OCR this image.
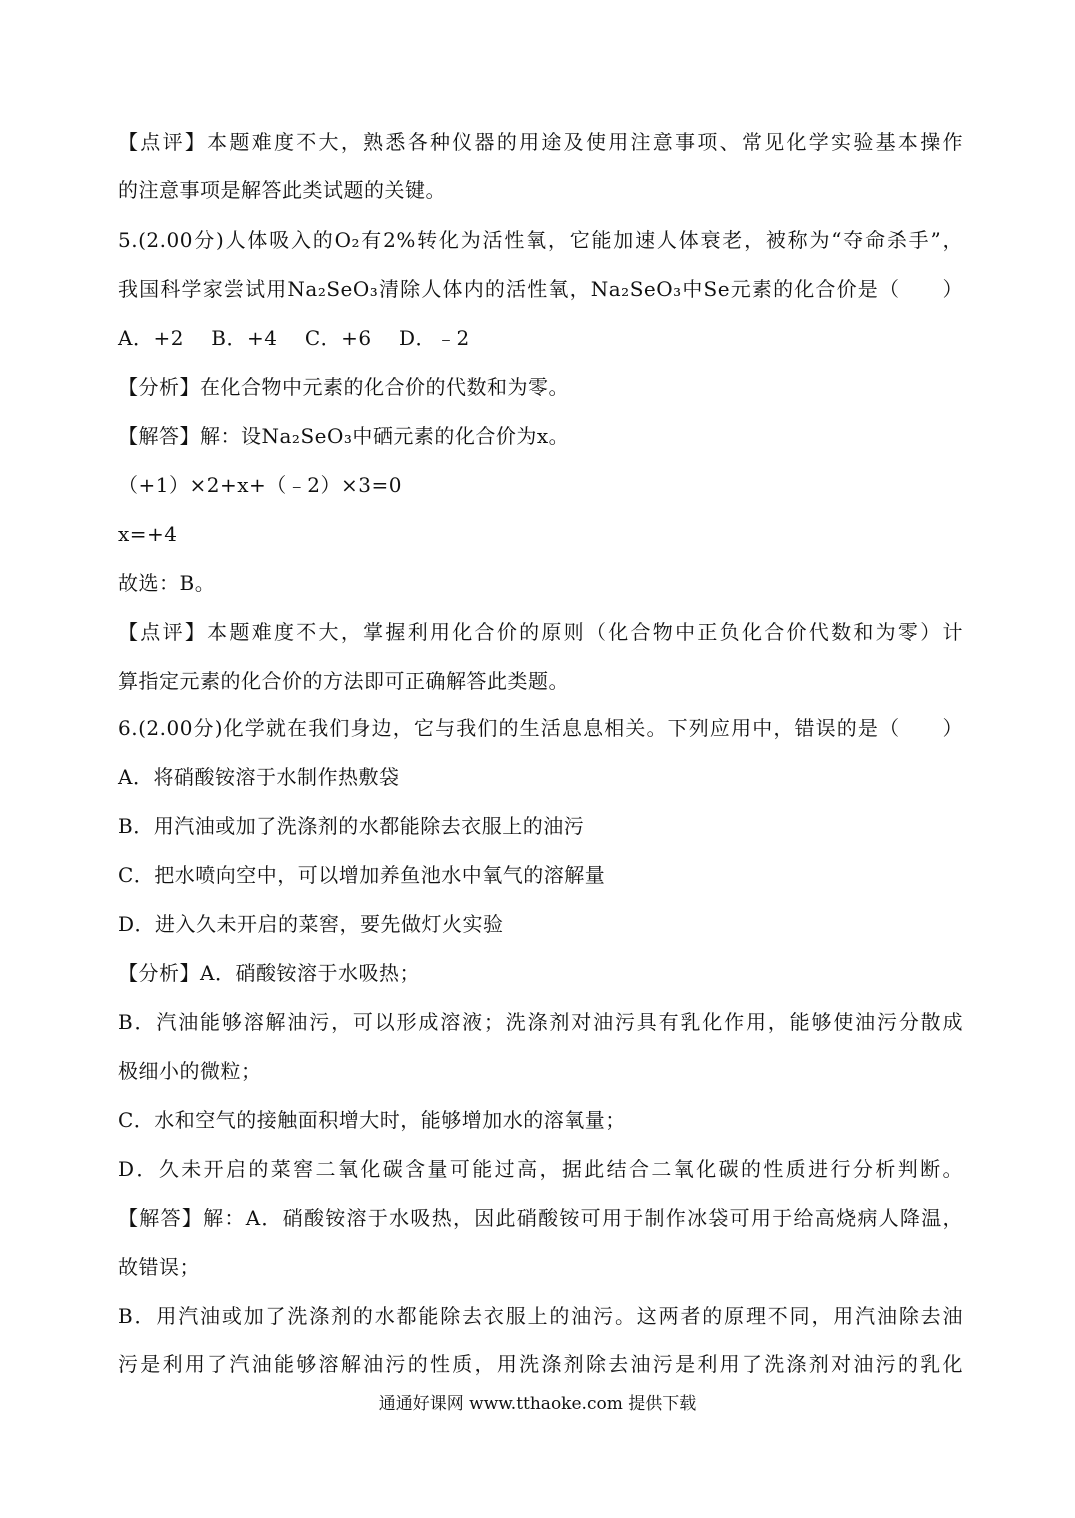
【点评】本题难度不大，熟悉各种仪器的用途及使用注意事项、常见化学实验基本操作
的注意事项是解答此类试题的关键。
5.(2.00分)人体吸入的O₂有2%转化为活性氧，它能加速人体衰老，被称为“夺命杀手”，
我国科学家尝试用Na₂SeO₃清除人体内的活性氧，Na₂SeO₃中Se元素的化合价是（　　）
A．+2　 B．+4　 C．+6　 D．﹣2
【分析】在化合物中元素的化合价的代数和为零。
【解答】解：设Na₂SeO₃中硒元素的化合价为x。
（+1）×2+x+（﹣2）×3=0
x=+4
故选：B。
【点评】本题难度不大，掌握利用化合价的原则（化合物中正负化合价代数和为零）计
算指定元素的化合价的方法即可正确解答此类题。
6.(2.00分)化学就在我们身边，它与我们的生活息息相关。下列应用中，错误的是（　　）
A．将硝酸铵溶于水制作热敷袋
B．用汽油或加了洗涤剂的水都能除去衣服上的油污
C．把水喷向空中，可以增加养鱼池水中氧气的溶解量
D．进入久未开启的菜窖，要先做灯火实验
【分析】A．硝酸铵溶于水吸热；
B．汽油能够溶解油污，可以形成溶液；洗涤剂对油污具有乳化作用，能够使油污分散成
极细小的微粒；
C．水和空气的接触面积增大时，能够增加水的溶氧量；
D．久未开启的菜窖二氧化碳含量可能过高，据此结合二氧化碳的性质进行分析判断。
【解答】解：A．硝酸铵溶于水吸热，因此硝酸铵可用于制作冰袋可用于给高烧病人降温，
故错误；
B．用汽油或加了洗涤剂的水都能除去衣服上的油污。这两者的原理不同，用汽油除去油
污是利用了汽油能够溶解油污的性质，用洗涤剂除去油污是利用了洗涤剂对油污的乳化
通通好课网 www.tthaoke.com 提供下载
